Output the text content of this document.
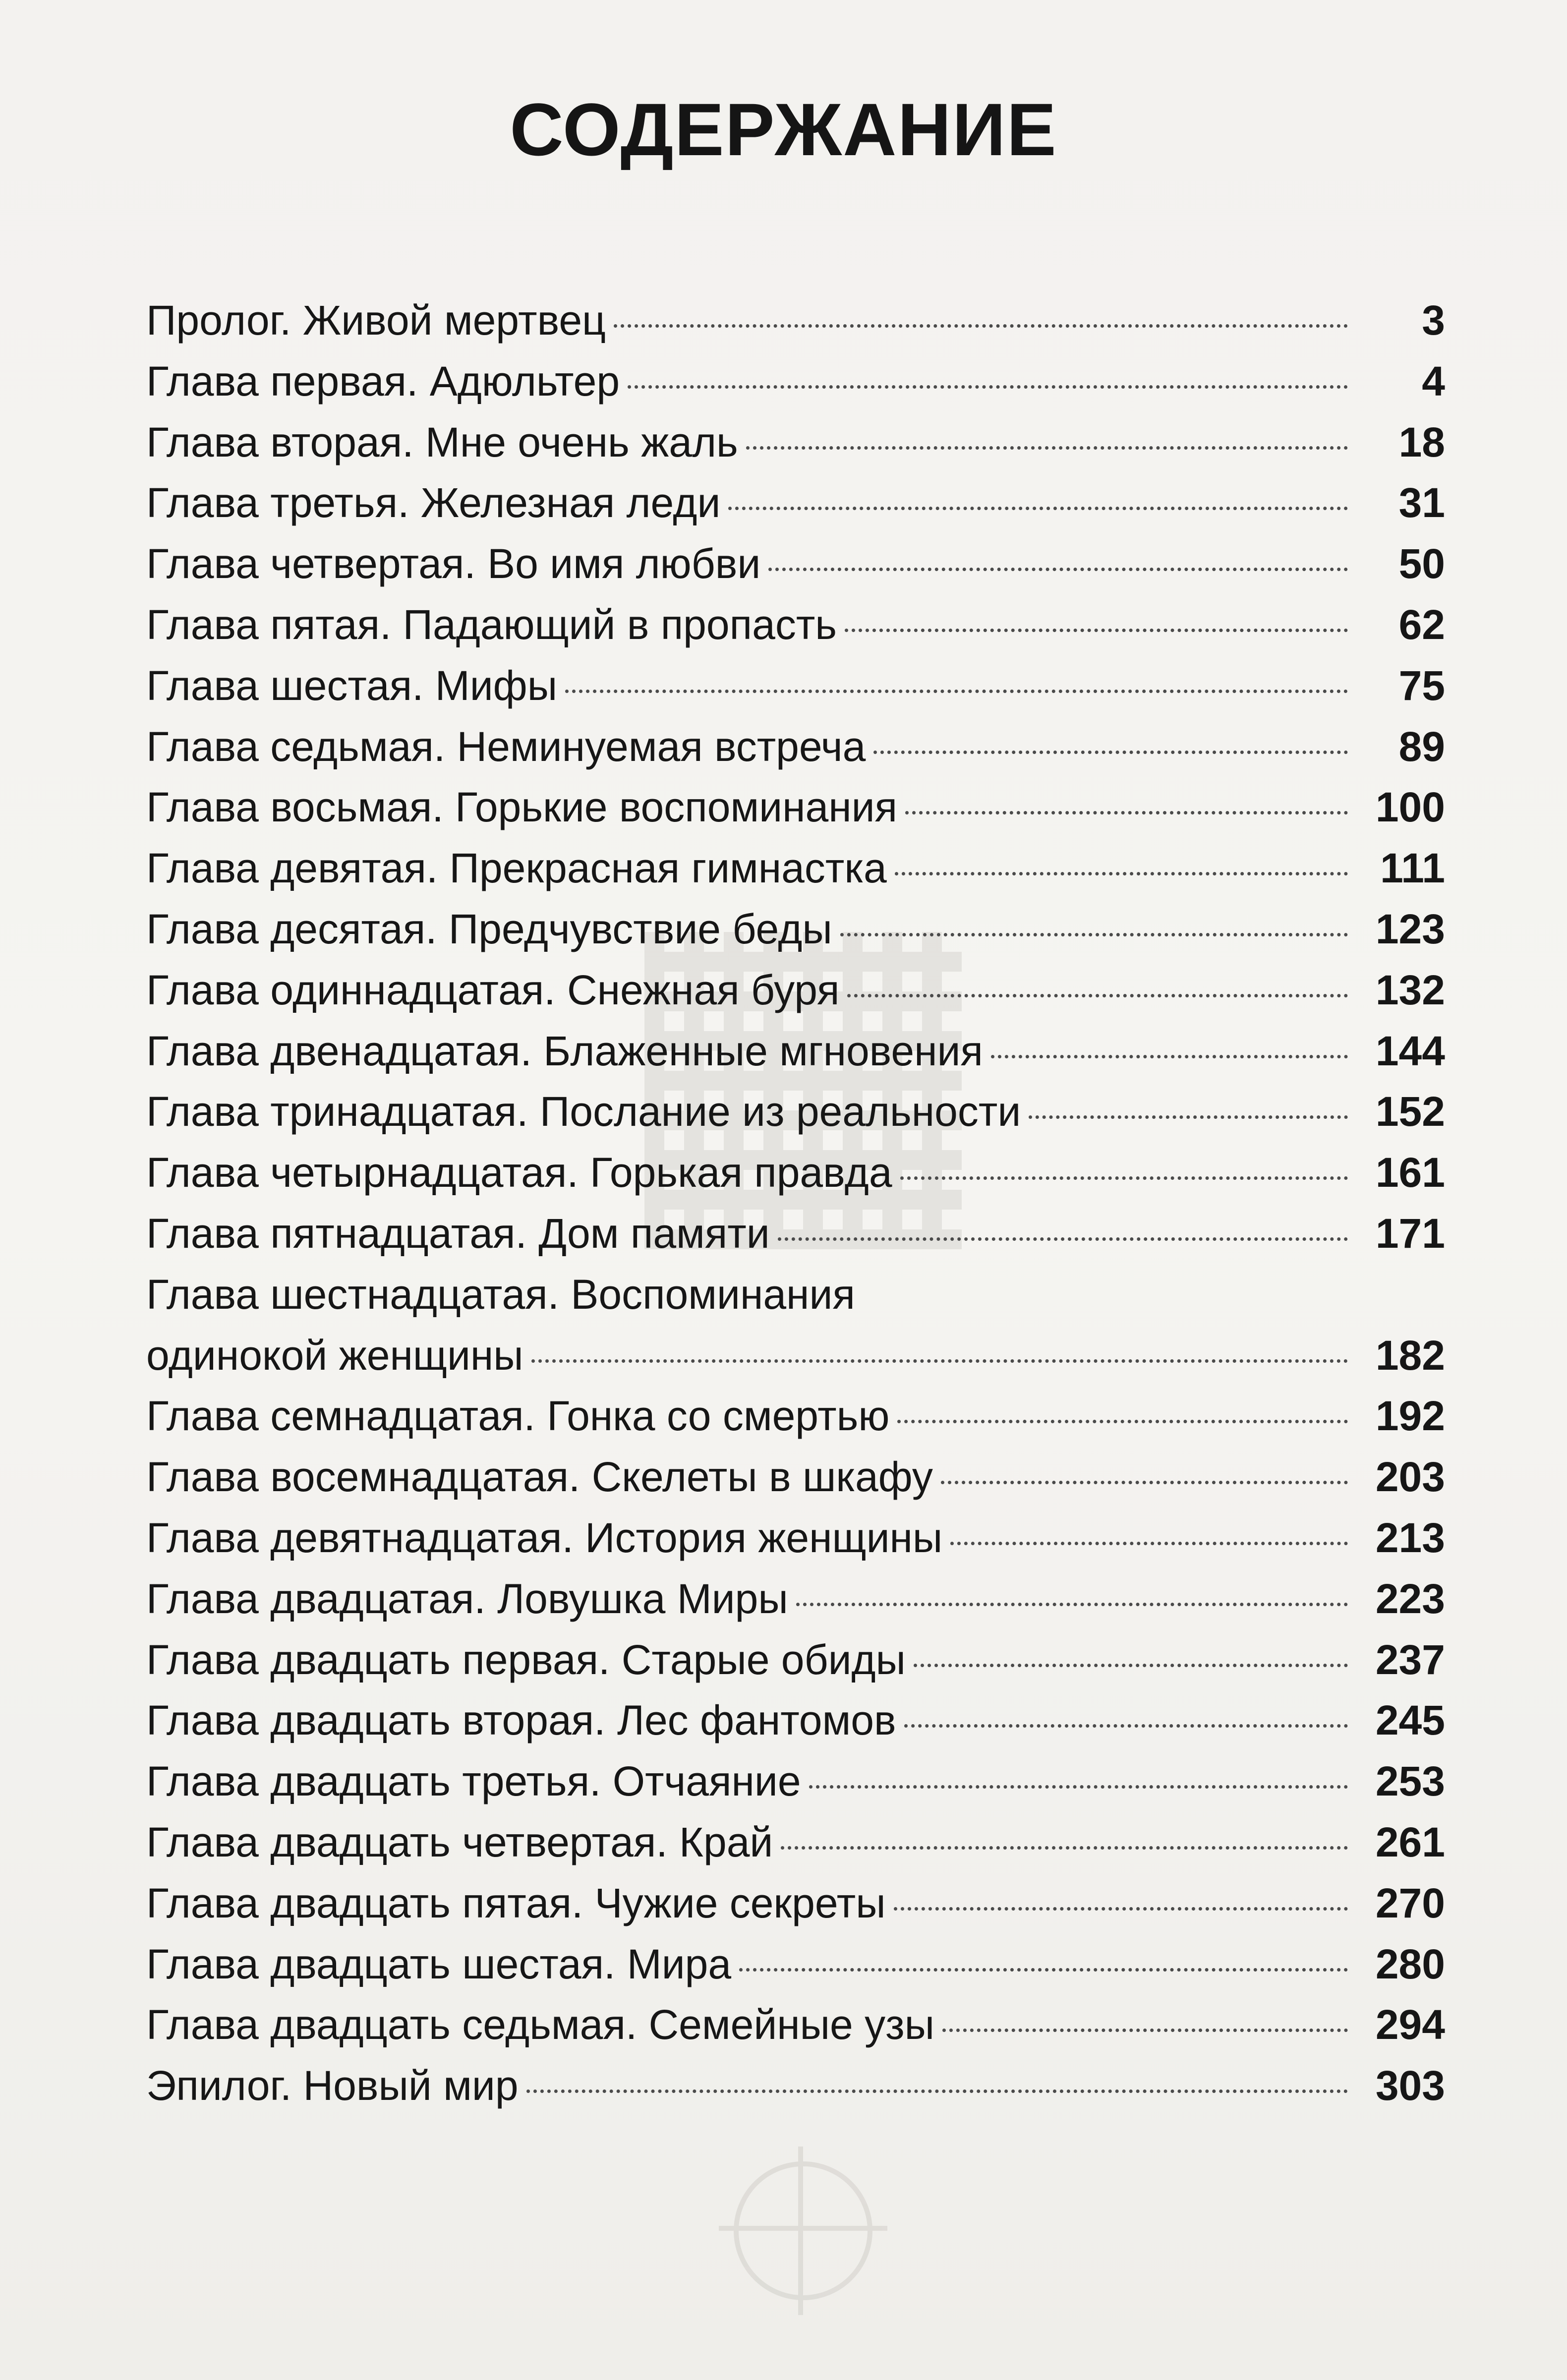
СОДЕРЖАНИЕ
Пролог. Живой мертвец	3
Глава первая. Адюльтер	4
Глава вторая. Мне очень жаль	18
Глава третья. Железная леди	31
Глава четвертая. Во имя любви	50
Глава пятая. Падающий в пропасть	62
Глава шестая. Мифы	75
Глава седьмая. Неминуемая встреча	89
Глава восьмая. Горькие воспоминания	100
Глава девятая. Прекрасная гимнастка	111
Глава десятая. Предчувствие беды	123
Глава одиннадцатая. Снежная буря	132
Глава двенадцатая. Блаженные мгновения	144
Глава тринадцатая. Послание из реальности	152
Глава четырнадцатая. Горькая правда	161
Глава пятнадцатая. Дом памяти	171
Глава шестнадцатая. Воспоминания
одинокой женщины	182
Глава семнадцатая. Гонка со смертью	192
Глава восемнадцатая. Скелеты в шкафу	203
Глава девятнадцатая. История женщины	213
Глава двадцатая. Ловушка Миры	223
Глава двадцать первая. Старые обиды	237
Глава двадцать вторая. Лес фантомов	245
Глава двадцать третья. Отчаяние	253
Глава двадцать четвертая. Край	261
Глава двадцать пятая. Чужие секреты	270
Глава двадцать шестая. Мира	280
Глава двадцать седьмая. Семейные узы	294
Эпилог. Новый мир	303
